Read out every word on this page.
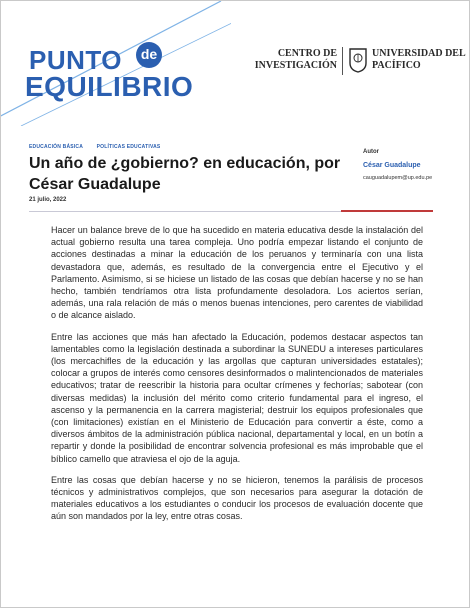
PUNTO	de
EQUILIBRIO
CENTRO DE INVESTIGACIÓN
UNIVERSIDAD DEL PACÍFICO
EDUCACIÓN BÁSICA	POLÍTICAS EDUCATIVAS
Un año de ¿gobierno? en educación, por César Guadalupe
21 julio, 2022
Autor
César Guadalupe
cauguadalupem@up.edu.pe

Hacer un balance breve de lo que ha sucedido en materia educativa desde la instalación del actual gobierno resulta una tarea compleja. Uno podría empezar listando el conjunto de acciones destinadas a minar la educación de los peruanos y terminaría con una lista devastadora que, además, es resultado de la convergencia entre el Ejecutivo y el Parlamento. Asimismo, si se hiciese un listado de las cosas que debían hacerse y no se han hecho, también tendríamos otra lista profundamente desoladora. Los aciertos serían, además, una rala relación de más o menos buenas intenciones, pero carentes de viabilidad o de alcance aislado.

Entre las acciones que más han afectado la Educación, podemos destacar aspectos tan lamentables como la legislación destinada a subordinar la SUNEDU a intereses particulares (los mercachifles de la educación y las argollas que capturan universidades estatales); colocar a grupos de interés como censores desinformados o malintencionados de materiales educativos; tratar de reescribir la historia para ocultar crímenes y fechorías; sabotear (con diversas medidas) la inclusión del mérito como criterio fundamental para el ingreso, el ascenso y la permanencia en la carrera magisterial; destruir los equipos profesionales que (con limitaciones) existían en el Ministerio de Educación para convertir a éste, como a diversos ámbitos de la administración pública nacional, departamental y local, en un botín a repartir y donde la posibilidad de encontrar solvencia profesional es más improbable que el bíblico camello que atraviesa el ojo de la aguja.

Entre las cosas que debían hacerse y no se hicieron, tenemos la parálisis de procesos técnicos y administrativos complejos, que son necesarios para asegurar la dotación de materiales educativos a los estudiantes o conducir los procesos de evaluación docente que aún son mandados por la ley, entre otras cosas.
